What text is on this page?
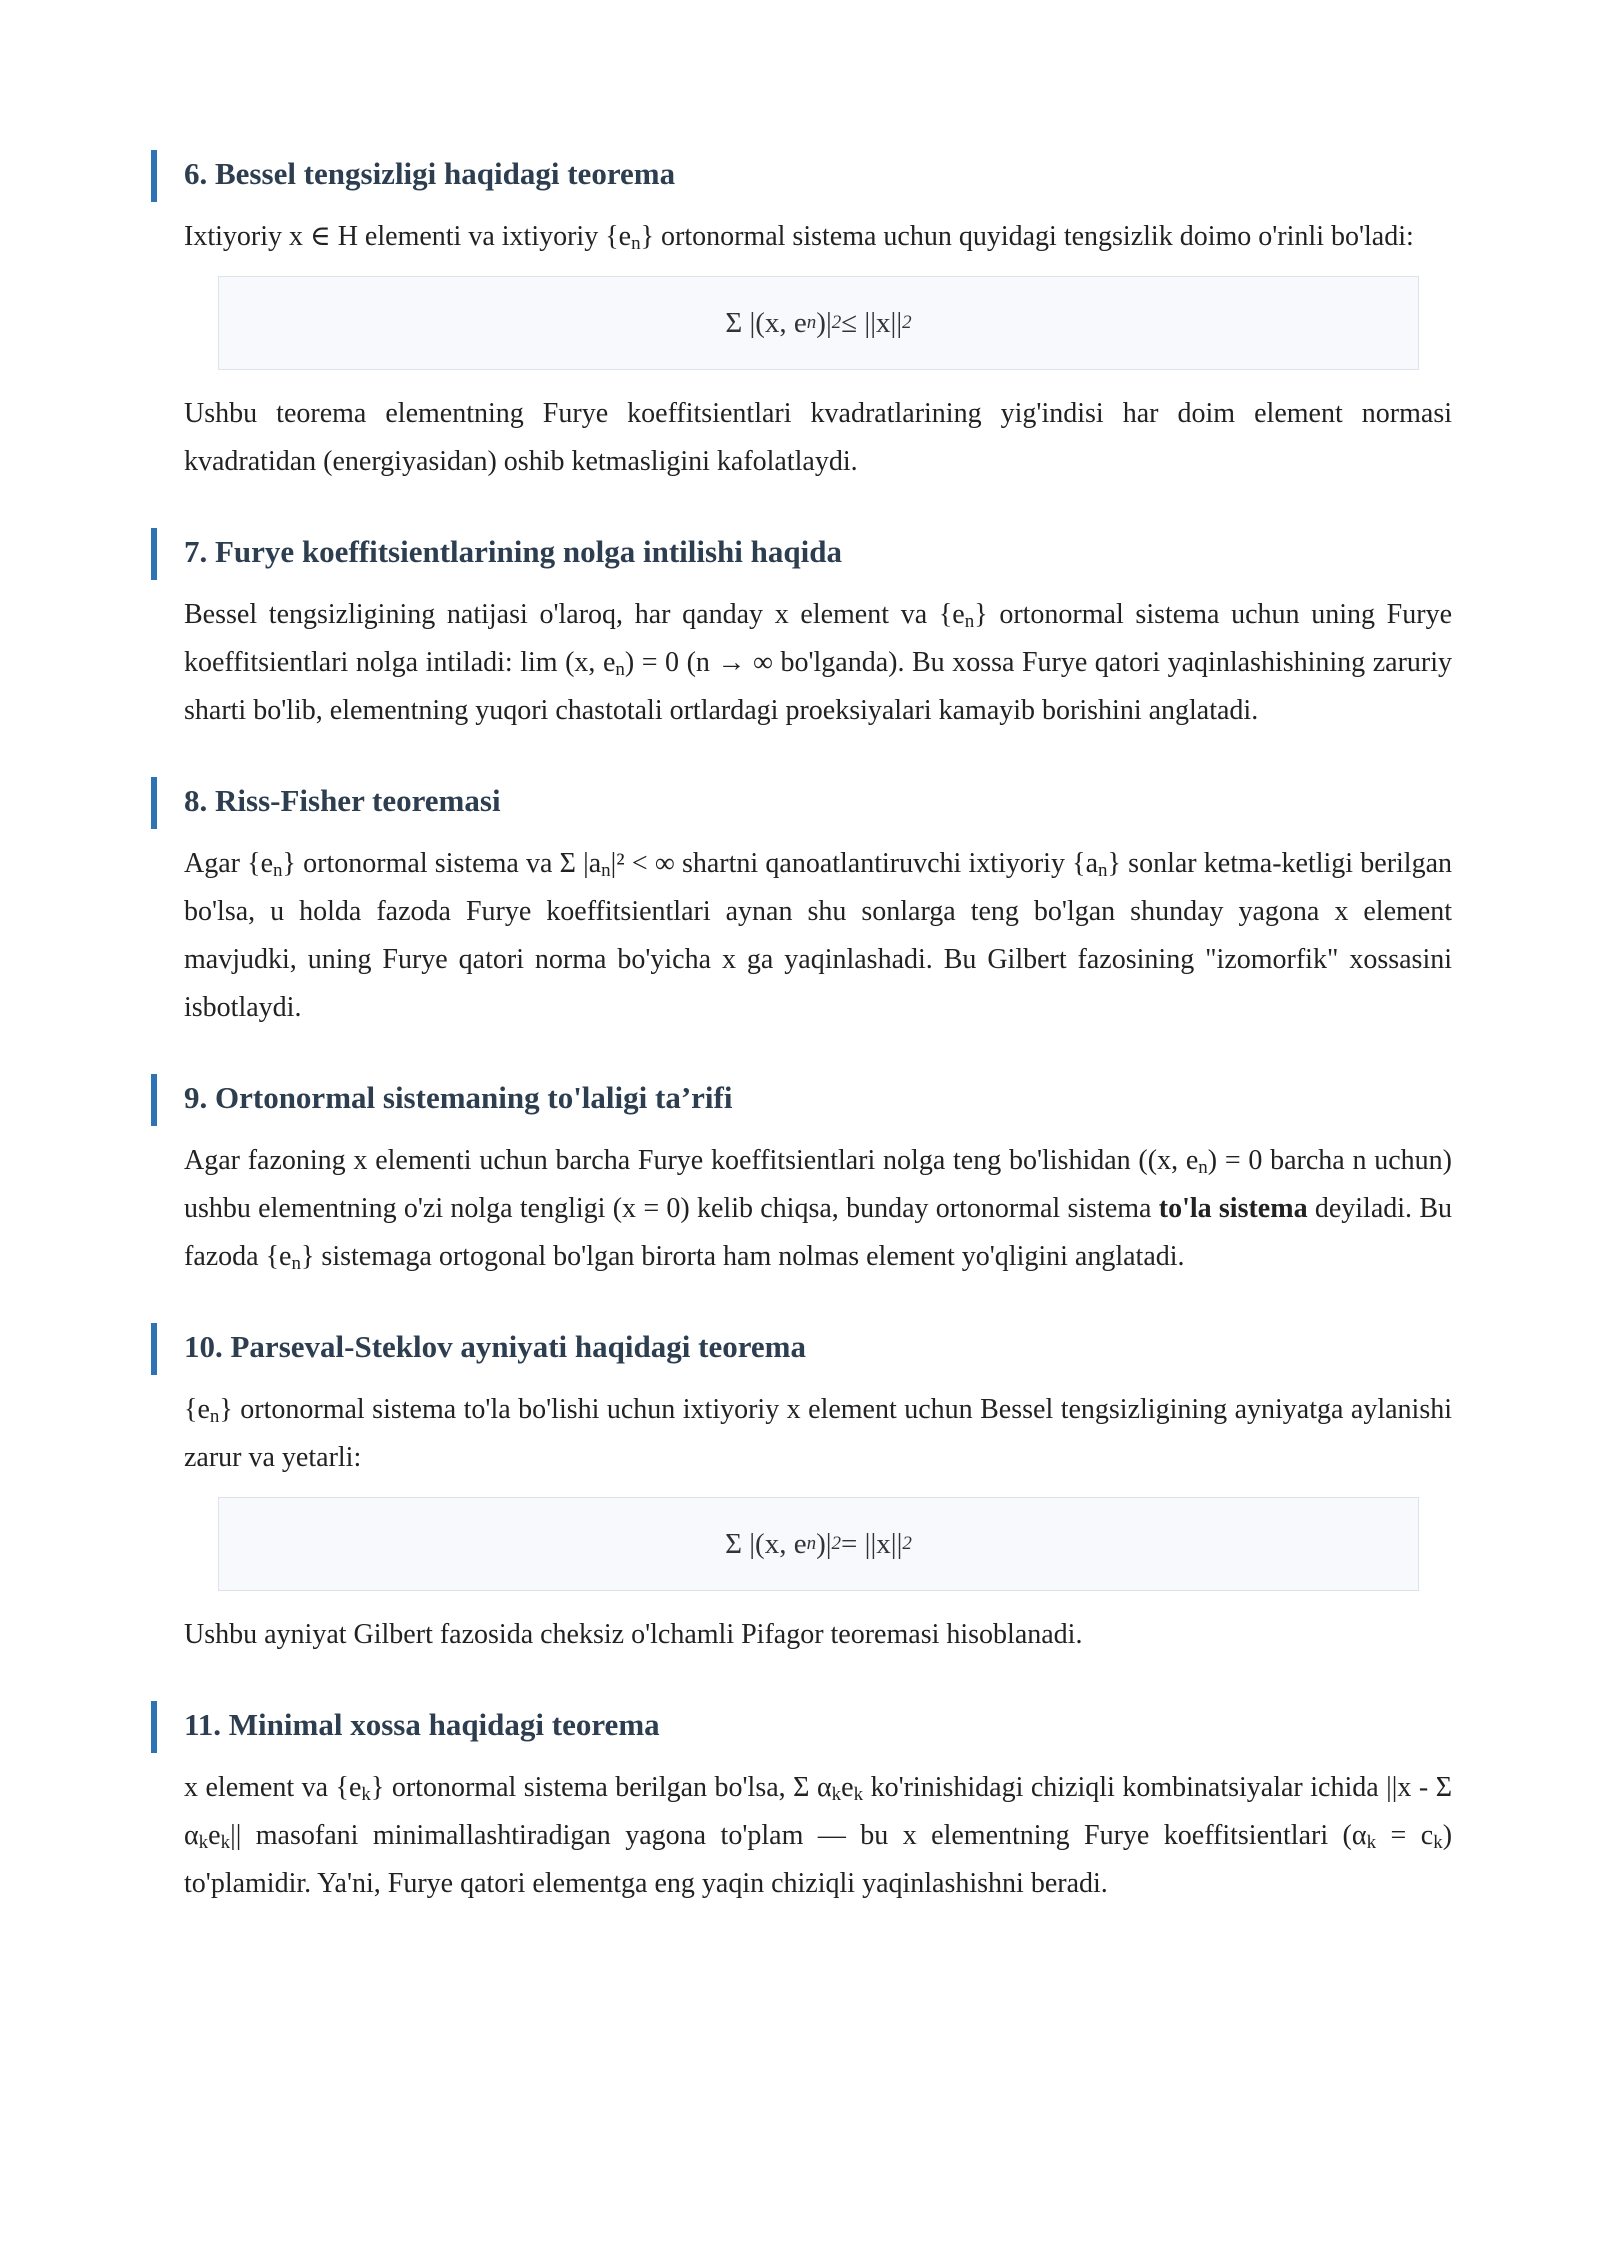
6. Bessel tengsizligi haqidagi teorema

Ixtiyoriy x ∈ H elementi va ixtiyoriy $\{e_n\}$ ortonormal sistema uchun quyidagi tengsizlik doimo o'rinli bo'ladi:

Σ |(x, e n )| 2 ≤ ||x|| 2

Ushbu teorema elementning Furye koeffitsientlari kvadratlarining yig'indisi har doim element normasi kvadratidan (energiyasidan) oshib ketmasligini kafolatlaydi.

7. Furye koeffitsientlarining nolga intilishi haqida

Bessel tengsizligining natijasi o'laroq, har qanday x element va $\{e_n\}$ ortonormal sistema uchun uning Furye koeffitsientlari nolga intiladi: lim (x, $e_n) = 0$ (n → ∞ bo'lganda). Bu xossa Furye qatori yaqinlashishining zaruriy sharti bo'lib, elementning yuqori chastotali ortlardagi proeksiyalari kamayib borishini anglatadi.

8. Riss-Fisher teoremasi

Agar $\{e_n\}$ ortonormal sistema va Σ $|a_n|^2$ < ∞ shartni qanoatlantiruvchi ixtiyoriy $\{a_n\}$ sonlar ketma-ketligi berilgan bo'lsa, u holda fazoda Furye koeffitsientlari aynan shu sonlarga teng bo'lgan shunday yagona x element mavjudki, uning Furye qatori norma bo'yicha x ga yaqinlashadi. Bu Gilbert fazosining "izomorfik" xossasini isbotlaydi.

9. Ortonormal sistemaning to'laligi ta’rifi

Agar fazoning x elementi uchun barcha Furye koeffitsientlari nolga teng bo'lishidan ((x, $e_n) = 0$ barcha n uchun) ushbu elementning o'zi nolga tengligi (x = 0) kelib chiqsa, bunday ortonormal sistema to'la sistema deyiladi. Bu fazoda $\{e_n\}$ sistemaga ortogonal bo'lgan birorta ham nolmas element yo'qligini anglatadi.

10. Parseval-Steklov ayniyati haqidagi teorema

$\{e_n\}$ ortonormal sistema to'la bo'lishi uchun ixtiyoriy x element uchun Bessel tengsizligining ayniyatga aylanishi zarur va yetarli:

Σ |(x, e n )| 2 = ||x|| 2

Ushbu ayniyat Gilbert fazosida cheksiz o'lchamli Pifagor teoremasi hisoblanadi.

11. Minimal xossa haqidagi teorema

x element va $\{e_k\}$ ortonormal sistema berilgan bo'lsa, Σ $\alpha_ke_k$ ko'rinishidagi chiziqli kombinatsiyalar ichida ||x - Σ $\alpha_ke_k||$ masofani minimallashtiradigan yagona to'plam — bu x elementning Furye koeffitsientlari $(\alpha_k = c_k)$ to'plamidir. Ya'ni, Furye qatori elementga eng yaqin chiziqli yaqinlashishni beradi.
